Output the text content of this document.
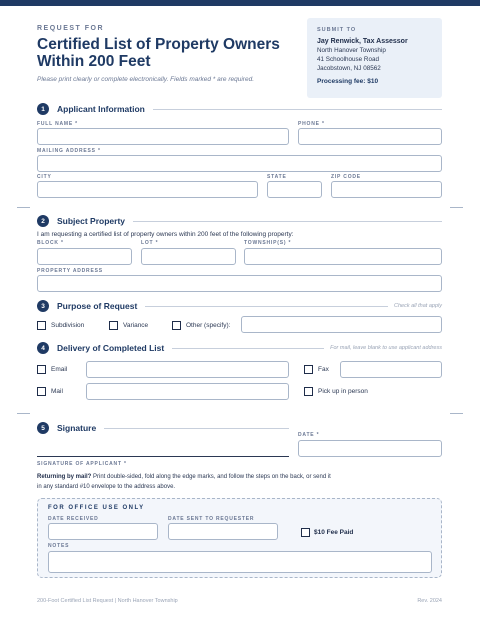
REQUEST FOR
Certified List of Property Owners Within 200 Feet
Please print clearly or complete electronically. Fields marked * are required.
SUBMIT TO
Jay Renwick, Tax Assessor
North Hanover Township
41 Schoolhouse Road
Jacobstown, NJ 08562
Processing fee: $10
1	Applicant Information
FULL NAME *	PHONE *
MAILING ADDRESS *
CITY	STATE	ZIP CODE
2	Subject Property
I am requesting a certified list of property owners within 200 feet of the following property:
BLOCK *	LOT *	TOWNSHIP(S) *
PROPERTY ADDRESS
3	Purpose of Request	Check all that apply
Subdivision	Variance	Other (specify):
4	Delivery of Completed List	For mail, leave blank to use applicant address
Email	Fax
Mail	Pick up in person
5	Signature
DATE *
SIGNATURE OF APPLICANT *
Returning by mail? Print double-sided, fold along the edge marks, and follow the steps on the back, or send it in any standard #10 envelope to the address above.
FOR OFFICE USE ONLY
DATE RECEIVED	DATE SENT TO REQUESTER
$10 Fee Paid
NOTES
200-Foot Certified List Request | North Hanover Township	Rev. 2024
